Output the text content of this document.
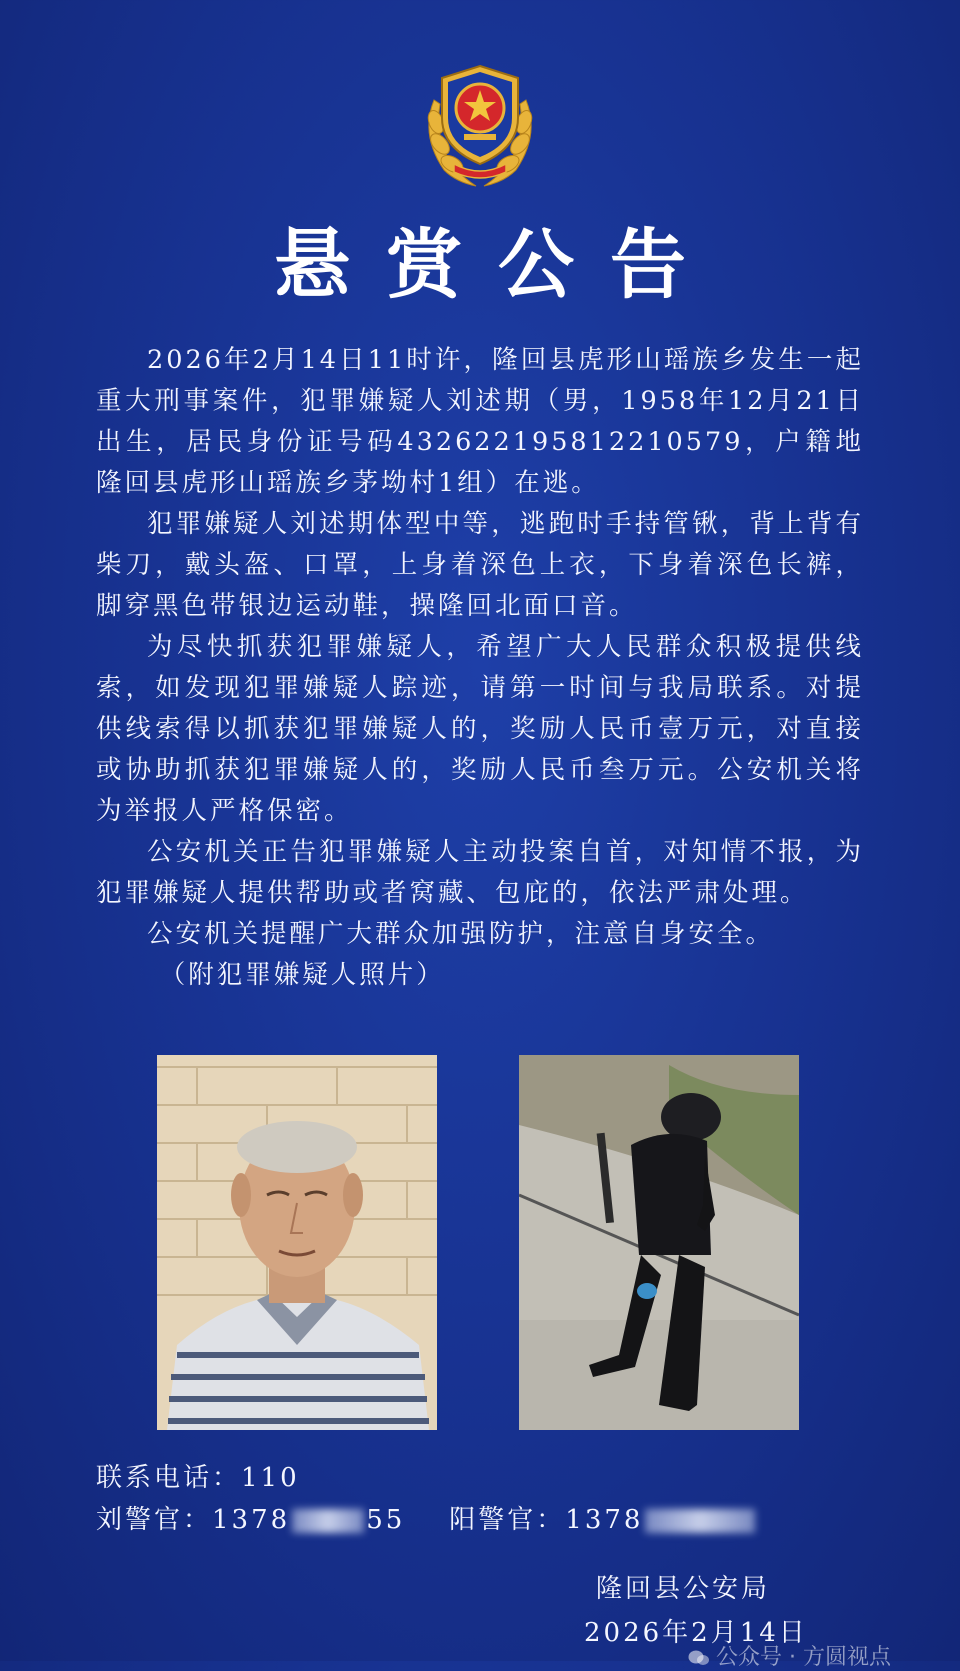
悬赏公告

2026年2月14日11时许，隆回县虎形山瑶族乡发生一起重大刑事案件，犯罪嫌疑人刘述期（男，1958年12月21日出生，居民身份证号码432622195812210579，户籍地隆回县虎形山瑶族乡茅坳村1组）在逃。

犯罪嫌疑人刘述期体型中等，逃跑时手持管锹，背上背有柴刀，戴头盔、口罩，上身着深色上衣，下身着深色长裤，脚穿黑色带银边运动鞋，操隆回北面口音。

为尽快抓获犯罪嫌疑人，希望广大人民群众积极提供线索，如发现犯罪嫌疑人踪迹，请第一时间与我局联系。对提供线索得以抓获犯罪嫌疑人的，奖励人民币壹万元，对直接或协助抓获犯罪嫌疑人的，奖励人民币叁万元。公安机关将为举报人严格保密。

公安机关正告犯罪嫌疑人主动投案自首，对知情不报，为犯罪嫌疑人提供帮助或者窝藏、包庇的，依法严肃处理。

公安机关提醒广大群众加强防护，注意自身安全。

（附犯罪嫌疑人照片）

联系电话：110
刘警官：1378	55 阳警官：1378
隆回县公安局
2026年2月14日
公众号 · 方圆视点
